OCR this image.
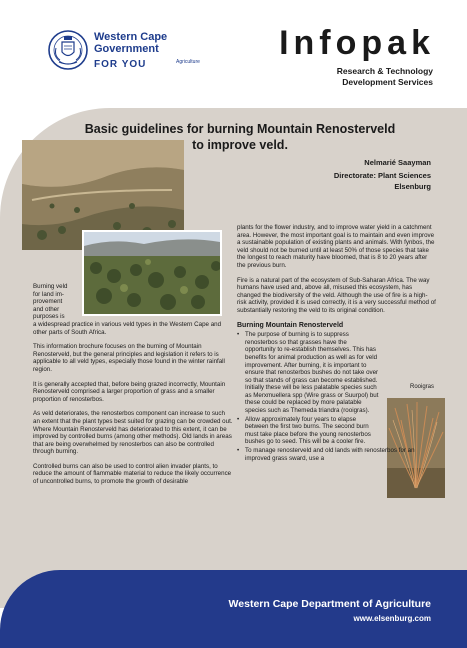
Western Cape Government
FOR YOU	Agriculture Infopak
Research & Technology
Development Services
Rooigras
Basic guidelines for burning Mountain Renosterveld
to improve veld.
Nelmarié Saayman
Directorate: Plant Sciences
Elsenburg

Burning veld
for land im-
provement
and other
purposes is
a widespread practice in various veld types in the Western Cape and other parts of South Africa.

This information brochure focuses on the burning of Mountain Renosterveld, but the general principles and legislation it refers to is applicable to all veld types, especially those found in the winter rainfall region.

It is generally accepted that, before being grazed incorrectly, Mountain Renosterveld comprised a larger proportion of grass and a smaller proportion of renosterbos.

As veld deteriorates, the renosterbos component can increase to such an extent that the plant types best suited for grazing can be crowded out. Where Mountain Renosterveld has deteriorated to this extent, it can be improved by controlled burns (among other methods). Old lands in areas that are being overwhelmed by renosterbos can also be controlled through burning.

Controlled burns can also be used to control alien invader plants, to reduce the amount of flammable material to reduce the likely occurrence of uncontrolled burns, to promote the growth of desirable

plants for the flower industry, and to improve water yield in a catchment area. However, the most important goal is to maintain and even improve a sustainable population of existing plants and animals. With fynbos, the veld should not be burned until at least 50% of those species that take the longest to reach maturity have bloomed, that is 8 to 20 years after the previous burn.

Fire is a natural part of the ecosystem of Sub-Saharan Africa. The way humans have used and, above all, misused this ecosystem, has changed the biodiversity of the veld. Although the use of fire is a high-risk activity, provided it is used correctly, it is a very successful method of substantially restoring the veld to its original condition.

Burning Mountain Renosterveld
• The purpose of burning is to suppress renosterbos so that grasses have the opportunity to re-establish themselves. This has benefits for animal production as well as for veld improvement. After burning, it is important to ensure that renosterbos bushes do not take over so that stands of grass can become established. Initially these will be less palatable species such as Merxmuellera spp (Wire grass or Suurpol) but these could be replaced by more palatable species such as Themeda triandra (rooigras).
• Allow approximately four years to elapse between the first two burns. The second burn must take place before the young renosterbos bushes go to seed. This will be a cooler fire.
• To manage renosterveld and old lands with renosterbos for an improved grass sward, use a
Western Cape Department of Agriculture
www.elsenburg.com
